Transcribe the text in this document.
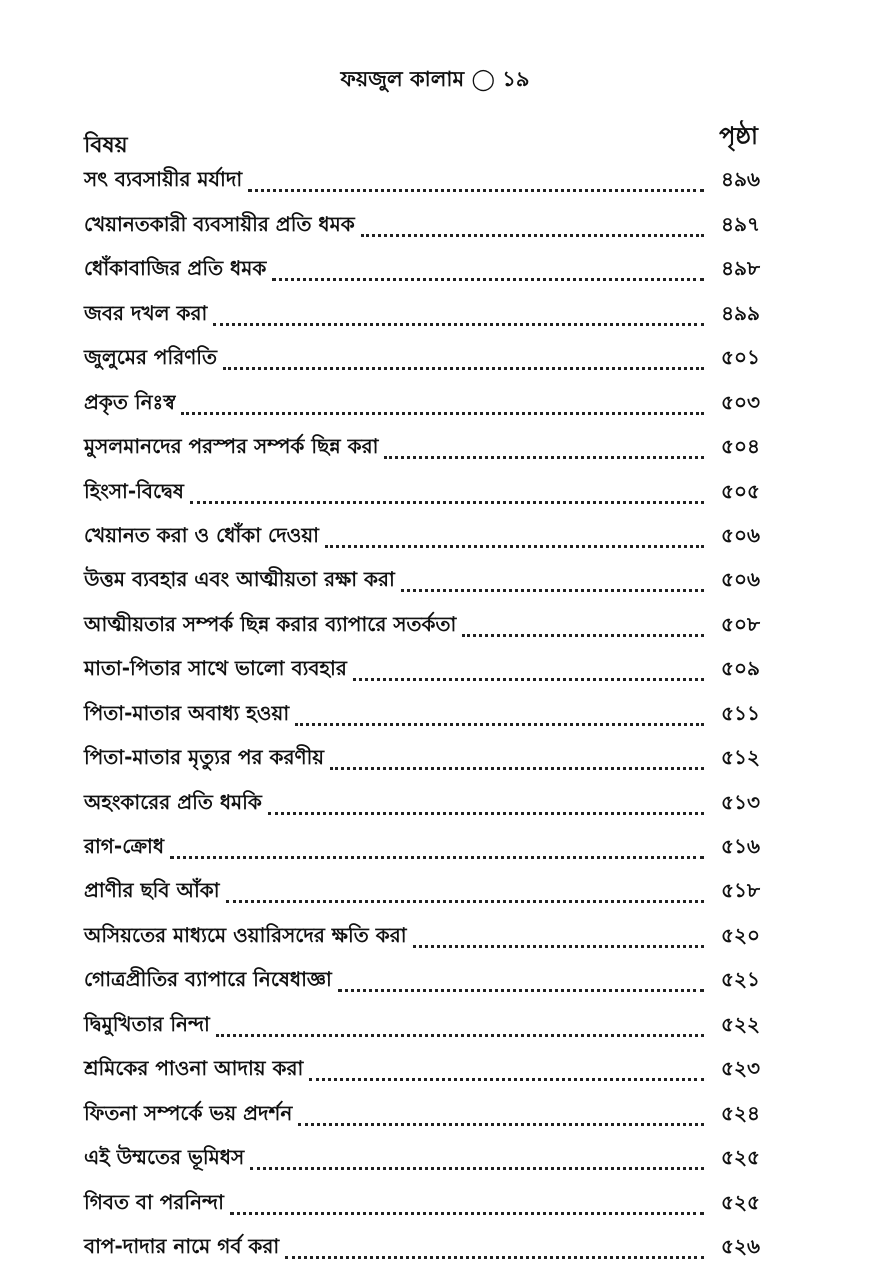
ফয়জুল কালাম ◯ ১৯
বিষয়	পৃষ্ঠা
সৎ ব্যবসায়ীর মর্যাদা	৪৯৬
খেয়ানতকারী ব্যবসায়ীর প্রতি ধমক	৪৯৭
ধোঁকাবাজির প্রতি ধমক	৪৯৮
জবর দখল করা	৪৯৯
জুলুমের পরিণতি	৫০১
প্রকৃত নিঃস্ব	৫০৩
মুসলমানদের পরস্পর সম্পর্ক ছিন্ন করা	৫০৪
হিংসা-বিদ্বেষ	৫০৫
খেয়ানত করা ও ধোঁকা দেওয়া	৫০৬
উত্তম ব্যবহার এবং আত্মীয়তা রক্ষা করা	৫০৬
আত্মীয়তার সম্পর্ক ছিন্ন করার ব্যাপারে সতর্কতা	৫০৮
মাতা-পিতার সাথে ভালো ব্যবহার	৫০৯
পিতা-মাতার অবাধ্য হওয়া	৫১১
পিতা-মাতার মৃত্যুর পর করণীয়	৫১২
অহংকারের প্রতি ধমকি	৫১৩
রাগ-ক্রোধ	৫১৬
প্রাণীর ছবি আঁকা	৫১৮
অসিয়তের মাধ্যমে ওয়ারিসদের ক্ষতি করা	৫২০
গোত্রপ্রীতির ব্যাপারে নিষেধাজ্ঞা	৫২১
দ্বিমুখিতার নিন্দা	৫২২
শ্রমিকের পাওনা আদায় করা	৫২৩
ফিতনা সম্পর্কে ভয় প্রদর্শন	৫২৪
এই উম্মতের ভূমিধস	৫২৫
গিবত বা পরনিন্দা	৫২৫
বাপ-দাদার নামে গর্ব করা	৫২৬
